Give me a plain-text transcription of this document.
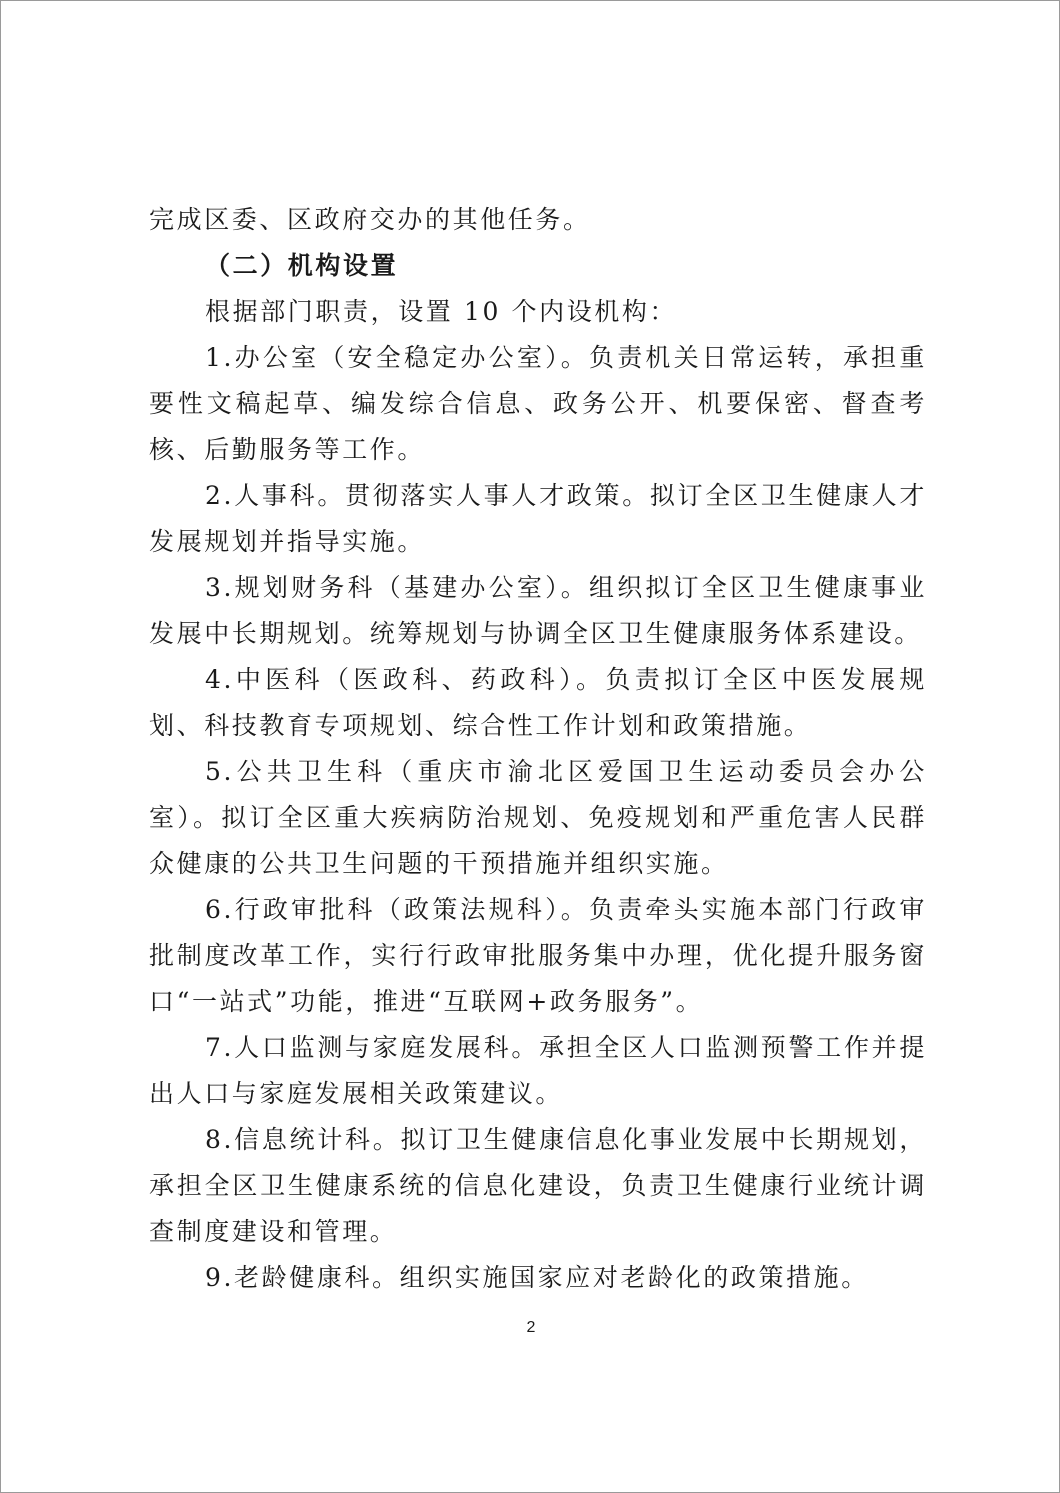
完成区委、区政府交办的其他任务。

（二）机构设置

根据部门职责，设置 10 个内设机构：

1.办公室（安全稳定办公室）。负责机关日常运转，承担重要性文稿起草、编发综合信息、政务公开、机要保密、督查考核、后勤服务等工作。

2.人事科。贯彻落实人事人才政策。拟订全区卫生健康人才发展规划并指导实施。

3.规划财务科（基建办公室）。组织拟订全区卫生健康事业发展中长期规划。统筹规划与协调全区卫生健康服务体系建设。

4.中医科（医政科、药政科）。负责拟订全区中医发展规划、科技教育专项规划、综合性工作计划和政策措施。

5.公共卫生科（重庆市渝北区爱国卫生运动委员会办公室）。拟订全区重大疾病防治规划、免疫规划和严重危害人民群众健康的公共卫生问题的干预措施并组织实施。

6.行政审批科（政策法规科）。负责牵头实施本部门行政审批制度改革工作，实行行政审批服务集中办理，优化提升服务窗口“一站式”功能，推进“互联网+政务服务”。

7.人口监测与家庭发展科。承担全区人口监测预警工作并提出人口与家庭发展相关政策建议。

8.信息统计科。拟订卫生健康信息化事业发展中长期规划，承担全区卫生健康系统的信息化建设，负责卫生健康行业统计调查制度建设和管理。

9.老龄健康科。组织实施国家应对老龄化的政策措施。

2
